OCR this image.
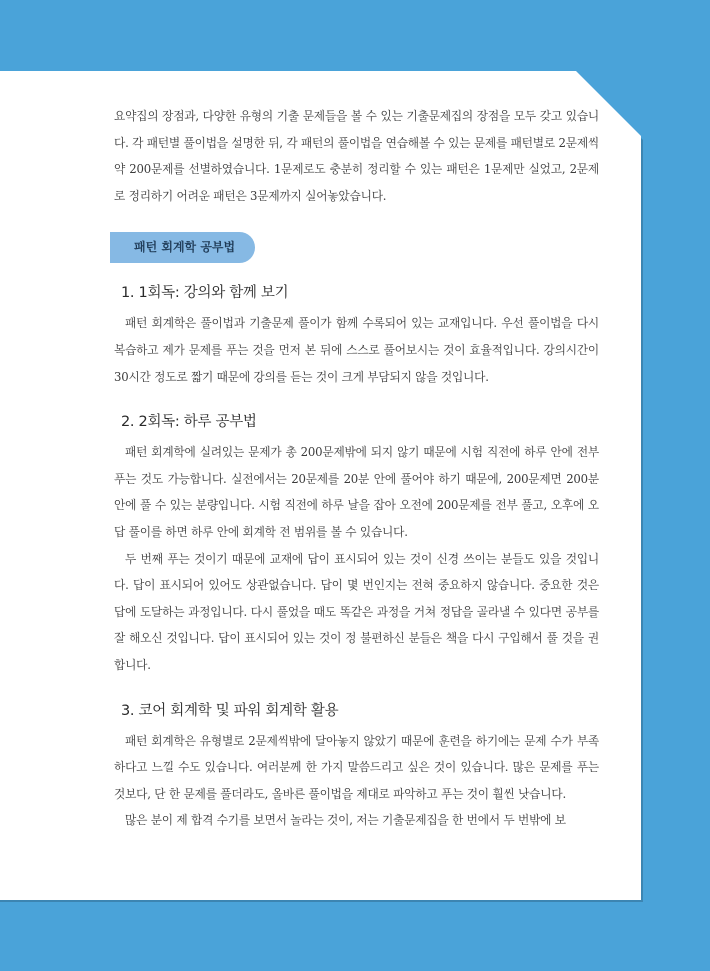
요약집의 장점과, 다양한 유형의 기출 문제들을 볼 수 있는 기출문제집의 장점을 모두 갖고 있습니다. 각 패턴별 풀이법을 설명한 뒤, 각 패턴의 풀이법을 연습해볼 수 있는 문제를 패턴별로 2문제씩 약 200문제를 선별하였습니다. 1문제로도 충분히 정리할 수 있는 패턴은 1문제만 실었고, 2문제로 정리하기 어려운 패턴은 3문제까지 실어놓았습니다.

패턴 회계학 공부법
1. 1회독: 강의와 함께 보기

패턴 회계학은 풀이법과 기출문제 풀이가 함께 수록되어 있는 교재입니다. 우선 풀이법을 다시 복습하고 제가 문제를 푸는 것을 먼저 본 뒤에 스스로 풀어보시는 것이 효율적입니다. 강의시간이 30시간 정도로 짧기 때문에 강의를 듣는 것이 크게 부담되지 않을 것입니다.

2. 2회독: 하루 공부법

패턴 회계학에 실려있는 문제가 총 200문제밖에 되지 않기 때문에 시험 직전에 하루 안에 전부 푸는 것도 가능합니다. 실전에서는 20문제를 20분 안에 풀어야 하기 때문에, 200문제면 200분 안에 풀 수 있는 분량입니다. 시험 직전에 하루 날을 잡아 오전에 200문제를 전부 풀고, 오후에 오답 풀이를 하면 하루 안에 회계학 전 범위를 볼 수 있습니다.

두 번째 푸는 것이기 때문에 교재에 답이 표시되어 있는 것이 신경 쓰이는 분들도 있을 것입니다. 답이 표시되어 있어도 상관없습니다. 답이 몇 번인지는 전혀 중요하지 않습니다. 중요한 것은 답에 도달하는 과정입니다. 다시 풀었을 때도 똑같은 과정을 거쳐 정답을 골라낼 수 있다면 공부를 잘 해오신 것입니다. 답이 표시되어 있는 것이 정 불편하신 분들은 책을 다시 구입해서 풀 것을 권합니다.

3. 코어 회계학 및 파워 회계학 활용

패턴 회계학은 유형별로 2문제씩밖에 달아놓지 않았기 때문에 훈련을 하기에는 문제 수가 부족하다고 느낄 수도 있습니다. 여러분께 한 가지 말씀드리고 싶은 것이 있습니다. 많은 문제를 푸는 것보다, 단 한 문제를 풀더라도, 올바른 풀이법을 제대로 파악하고 푸는 것이 훨씬 낫습니다.

많은 분이 제 합격 수기를 보면서 놀라는 것이, 저는 기출문제집을 한 번에서 두 번밖에 보
